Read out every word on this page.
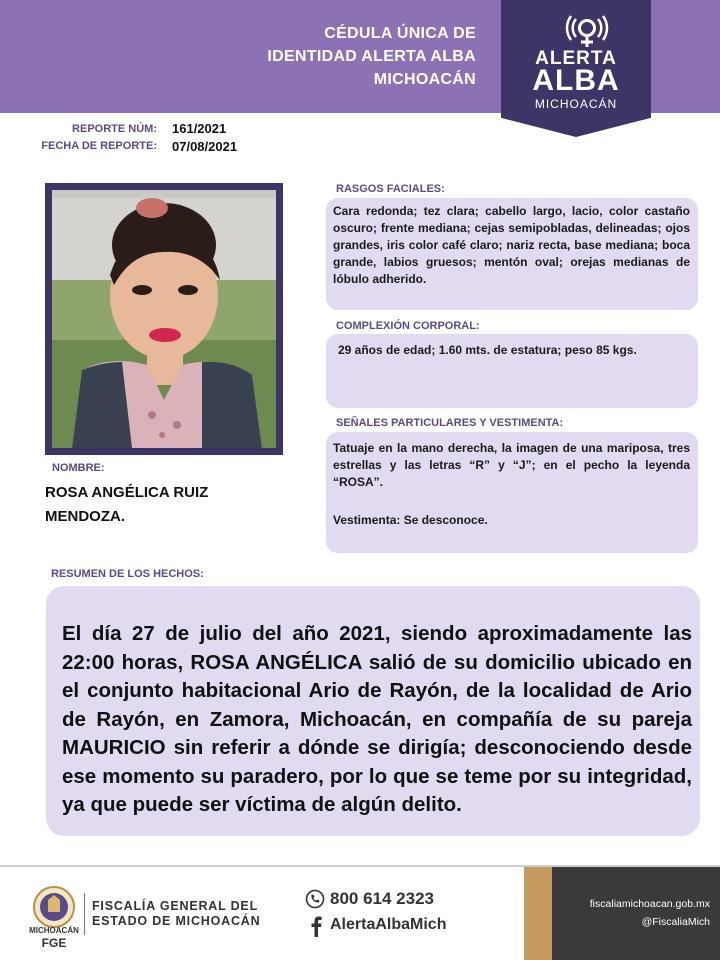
CÉDULA ÚNICA DE
IDENTIDAD ALERTA ALBA
MICHOACÁN
ALERTA
ALBA
MICHOACÁN
REPORTE NÚM: 161/2021
FECHA DE REPORTE: 07/08/2021
NOMBRE:
ROSA ANGÉLICA RUIZ
MENDOZA.
RASGOS FACIALES:
Cara redonda; tez clara; cabello largo, lacio, color castaño oscuro; frente mediana; cejas semipobladas, delineadas; ojos grandes, iris color café claro; nariz recta, base mediana; boca grande, labios gruesos; mentón oval; orejas medianas de lóbulo adherido.
COMPLEXIÓN CORPORAL:
29 años de edad; 1.60 mts. de estatura; peso 85 kgs.
SEÑALES PARTICULARES Y VESTIMENTA:
Tatuaje en la mano derecha, la imagen de una mariposa, tres estrellas y las letras “R” y “J”; en el pecho la leyenda “ROSA”.
Vestimenta: Se desconoce.
RESUMEN DE LOS HECHOS:
El día 27 de julio del año 2021, siendo aproximadamente las 22:00 horas, ROSA ANGÉLICA salió de su domicilio ubicado en el conjunto habitacional Ario de Rayón, de la localidad de Ario de Rayón, en Zamora, Michoacán, en compañía de su pareja MAURICIO sin referir a dónde se dirigía; desconociendo desde ese momento su paradero, por lo que se teme por su integridad, ya que puede ser víctima de algún delito.
MICHOACÁN
FGE
FISCALÍA GENERAL DEL
ESTADO DE MICHOACÁN
800 614 2323
AlertaAlbaMich
fiscaliamichoacan.gob.mx
@FiscaliaMich
